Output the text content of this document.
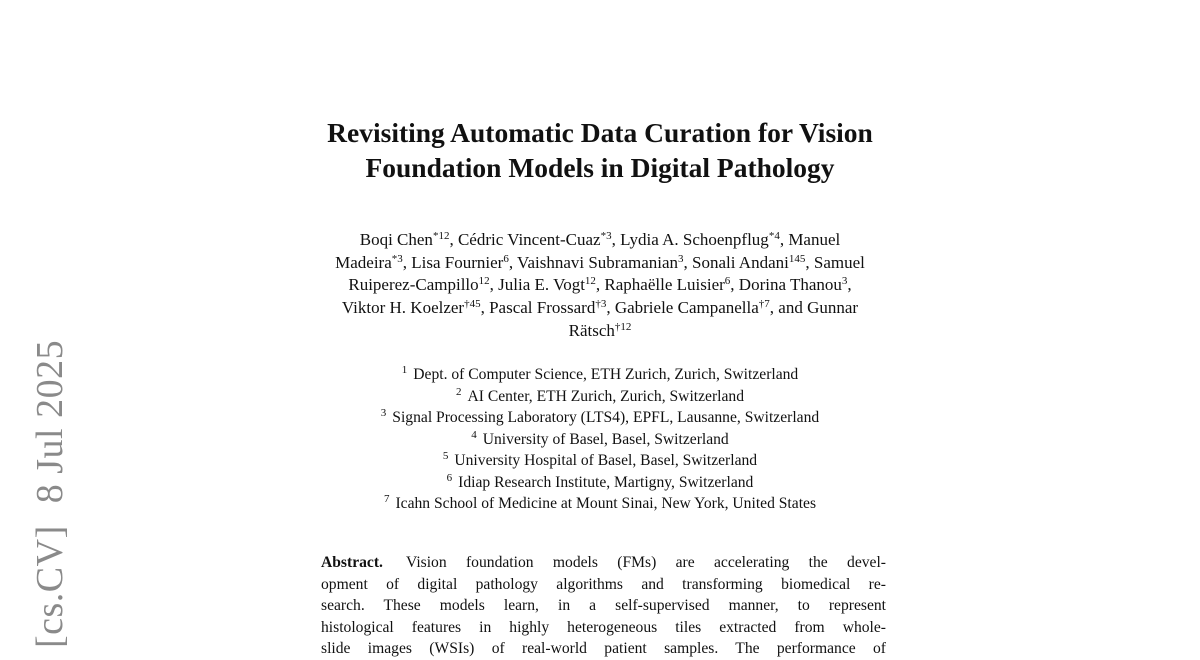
[cs.CV]8 Jul 2025
Revisiting Automatic Data Curation for Vision
Foundation Models in Digital Pathology
Boqi Chen$^{*12}$, Cédric Vincent-Cuaz$^{*3}$, Lydia A. Schoenpflug$^{*4}$, Manuel
Madeira$^{*3}$, Lisa Fournier$^6$, Vaishnavi Subramanian$^3$, Sonali Andani$^{145}$, Samuel
Ruiperez-Campillo$^{12}$, Julia E. Vogt$^{12}$, Raphaëlle Luisier$^6$, Dorina Thanou$^3$,
Viktor H. Koelzer$^{\dagger 45}$, Pascal Frossard$^{\dagger 3}$, Gabriele Campanella$^{\dagger 7}$, and Gunnar
Rätsch$^{\dagger 12}$
$^1$ Dept. of Computer Science, ETH Zurich, Zurich, Switzerland
$^2$ AI Center, ETH Zurich, Zurich, Switzerland
$^3$ Signal Processing Laboratory (LTS4), EPFL, Lausanne, Switzerland
$^4$ University of Basel, Basel, Switzerland
$^5$ University Hospital of Basel, Basel, Switzerland
$^6$ Idiap Research Institute, Martigny, Switzerland
$^7$ Icahn School of Medicine at Mount Sinai, New York, United States
Abstract. Vision foundation models (FMs) are accelerating the devel-
opment of digital pathology algorithms and transforming biomedical re-
search. These models learn, in a self-supervised manner, to represent
histological features in highly heterogeneous tiles extracted from whole-
slide images (WSIs) of real-world patient samples. The performance of
